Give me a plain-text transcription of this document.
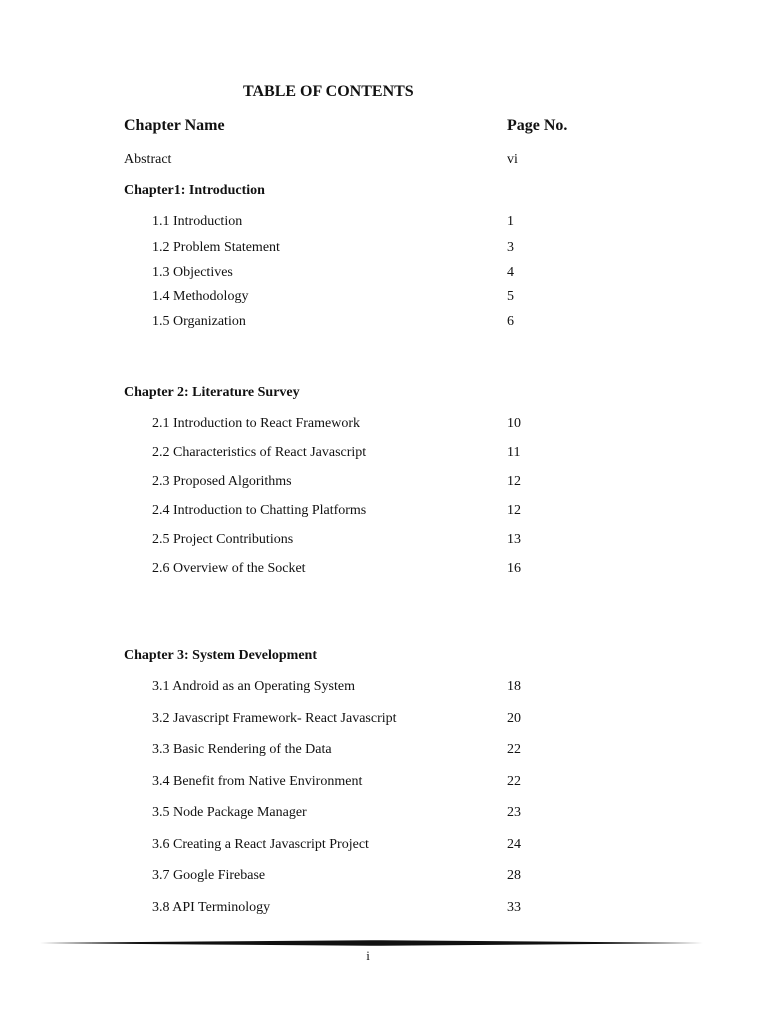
TABLE OF CONTENTS
Chapter Name	Page No.
Abstract	vi
Chapter1: Introduction
1.1 Introduction	1
1.2 Problem Statement	3
1.3 Objectives	4
1.4 Methodology	5
1.5 Organization	6
Chapter 2: Literature Survey
2.1 Introduction to React Framework	10
2.2 Characteristics of React Javascript	11
2.3 Proposed Algorithms	12
2.4 Introduction to Chatting Platforms	12
2.5 Project Contributions	13
2.6 Overview of the Socket	16
Chapter 3: System Development
3.1 Android as an Operating System	18
3.2 Javascript Framework- React Javascript	20
3.3 Basic Rendering of the Data	22
3.4 Benefit from Native Environment	22
3.5 Node Package Manager	23
3.6 Creating a React Javascript Project	24
3.7 Google Firebase	28
3.8 API Terminology	33
i
